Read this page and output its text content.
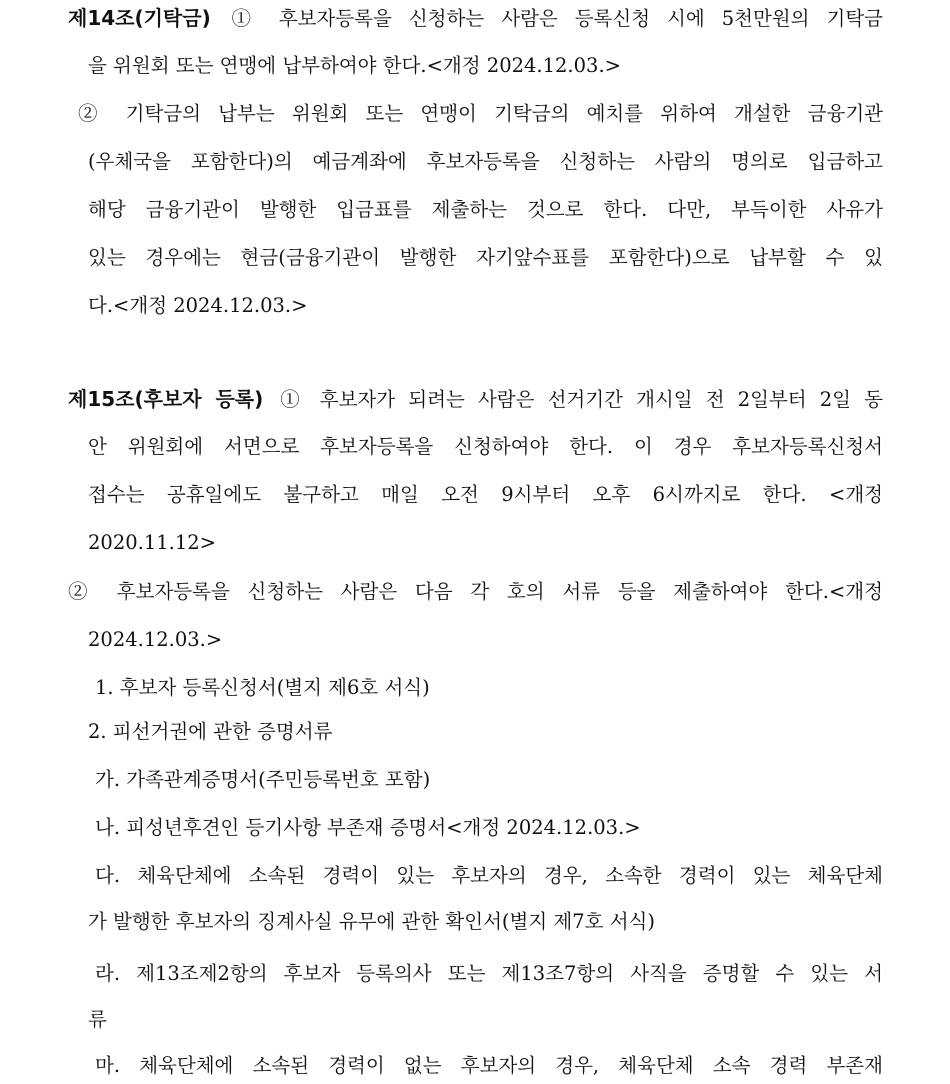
제14조(기탁금) ① 후보자등록을 신청하는 사람은 등록신청 시에 5천만원의 기탁금
을 위원회 또는 연맹에 납부하여야 한다.<개정 2024.12.03.>
② 기탁금의 납부는 위원회 또는 연맹이 기탁금의 예치를 위하여 개설한 금융기관
(우체국을 포함한다)의 예금계좌에 후보자등록을 신청하는 사람의 명의로 입금하고
해당 금융기관이 발행한 입금표를 제출하는 것으로 한다. 다만, 부득이한 사유가
있는 경우에는 현금(금융기관이 발행한 자기앞수표를 포함한다)으로 납부할 수 있
다.<개정 2024.12.03.>
제15조(후보자 등록) ① 후보자가 되려는 사람은 선거기간 개시일 전 2일부터 2일 동
안 위원회에 서면으로 후보자등록을 신청하여야 한다. 이 경우 후보자등록신청서
접수는 공휴일에도 불구하고 매일 오전 9시부터 오후 6시까지로 한다. <개정
2020.11.12>
② 후보자등록을 신청하는 사람은 다음 각 호의 서류 등을 제출하여야 한다.<개정
2024.12.03.>
1. 후보자 등록신청서(별지 제6호 서식)
2. 피선거권에 관한 증명서류
가. 가족관계증명서(주민등록번호 포함)
나. 피성년후견인 등기사항 부존재 증명서<개정 2024.12.03.>
다. 체육단체에 소속된 경력이 있는 후보자의 경우, 소속한 경력이 있는 체육단체
가 발행한 후보자의 징계사실 유무에 관한 확인서(별지 제7호 서식)
라. 제13조제2항의 후보자 등록의사 또는 제13조7항의 사직을 증명할 수 있는 서
류
마. 체육단체에 소속된 경력이 없는 후보자의 경우, 체육단체 소속 경력 부존재
